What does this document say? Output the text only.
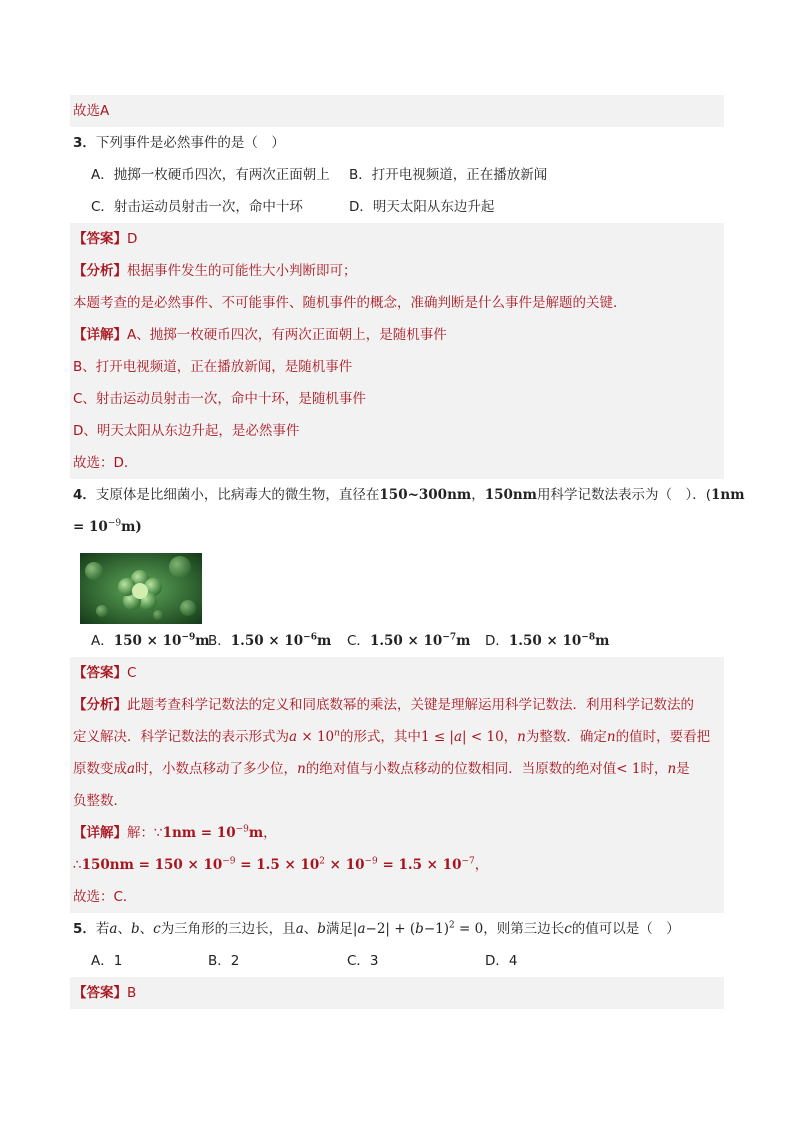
故选A
3．下列事件是必然事件的是（　）
A．抛掷一枚硬币四次，有两次正面朝上 B．打开电视频道，正在播放新闻
C．射击运动员射击一次，命中十环	D．明天太阳从东边升起
【答案】D
【分析】根据事件发生的可能性大小判断即可；
本题考查的是必然事件、不可能事件、随机事件的概念，准确判断是什么事件是解题的关键．
【详解】A、抛掷一枚硬币四次，有两次正面朝上，是随机事件
B、打开电视频道，正在播放新闻，是随机事件
C、射击运动员射击一次，命中十环，是随机事件
D、明天太阳从东边升起，是必然事件
故选：D．
4．支原体是比细菌小，比病毒大的微生物，直径在150~300nm，150nm用科学记数法表示为（　）．(1nm
= $10^{-9}m$)
A．$150 \times 10^{-9}m$
B．$1.50 \times 10^{-6}m$ C．$1.50 \times 10^{-7}m$ D．$1.50 \times 10^{-8}m$
【答案】C
【分析】此题考查科学记数法的定义和同底数幂的乘法，关键是理解运用科学记数法．利用科学记数法的
定义解决．科学记数法的表示形式为$a \times 10^n$的形式，其中1 ≤ |a| < 10，n为整数．确定n的值时，要看把
原数变成a时，小数点移动了多少位，n的绝对值与小数点移动的位数相同．当原数的绝对值< 1时，n是
负整数．
【详解】解：∵1nm = $10^{-9}m$，
∴150nm = $150 \times 10^{-9} = 1.5 \times 10^2 \times 10^{-9} = 1.5 \times 10^{-7}$，
故选：C．
5．若a、b、c为三角形的三边长，且a、b满足$|a-2| + (b-1)^2 = 0$，则第三边长c的值可以是（　）
A．1	B．2	C．3	D．4
【答案】B
